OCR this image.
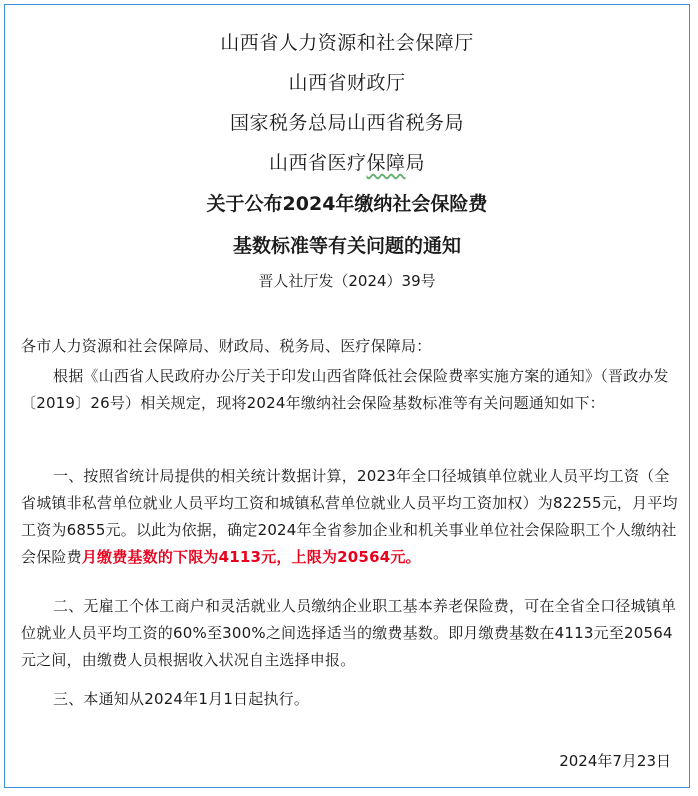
山西省人力资源和社会保障厅
山西省财政厅
国家税务总局山西省税务局
山西省医疗保障局
关于公布2024年缴纳社会保险费
基数标准等有关问题的通知
晋人社厅发（2024）39号
各市人力资源和社会保障局、财政局、税务局、医疗保障局：
根据《山西省人民政府办公厅关于印发山西省降低社会保险费率实施方案的通知》（晋政办发〔2019〕26号）相关规定，现将2024年缴纳社会保险基数标准等有关问题通知如下：
一、按照省统计局提供的相关统计数据计算，2023年全口径城镇单位就业人员平均工资（全省城镇非私营单位就业人员平均工资和城镇私营单位就业人员平均工资加权）为82255元，月平均工资为6855元。以此为依据，确定2024年全省参加企业和机关事业单位社会保险职工个人缴纳社会保险费月缴费基数的下限为4113元，上限为20564元。
二、无雇工个体工商户和灵活就业人员缴纳企业职工基本养老保险费，可在全省全口径城镇单位就业人员平均工资的60%至300%之间选择适当的缴费基数。即月缴费基数在4113元至20564元之间，由缴费人员根据收入状况自主选择申报。
三、本通知从2024年1月1日起执行。
2024年7月23日
